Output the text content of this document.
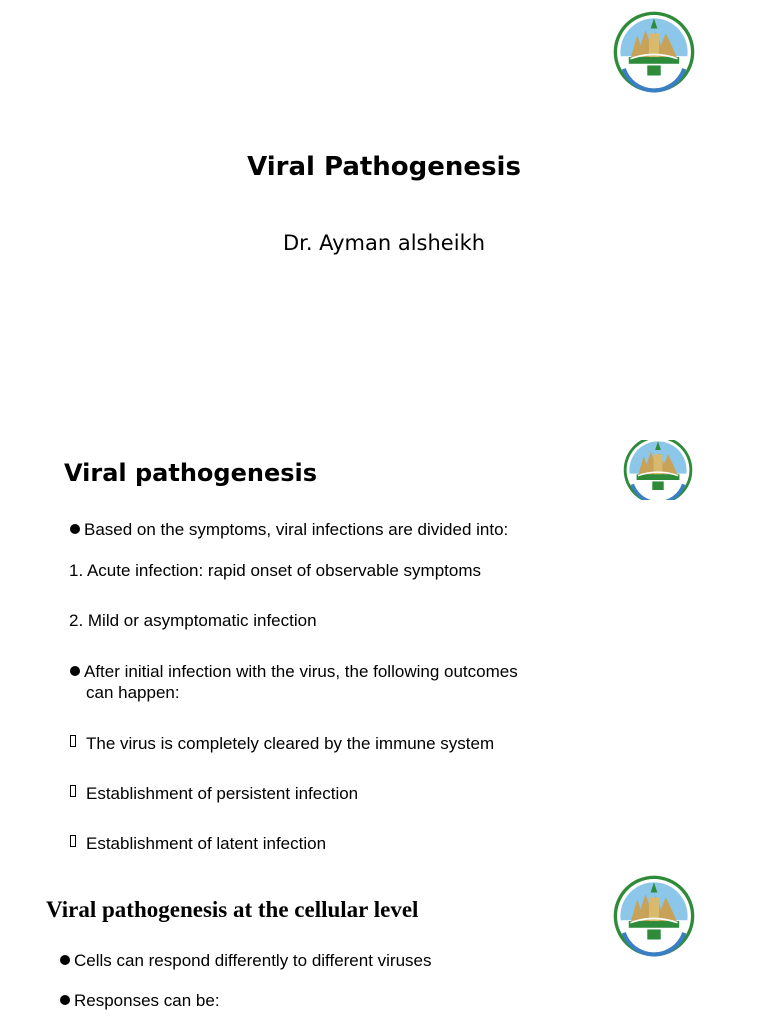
Viral Pathogenesis
Dr. Ayman alsheikh
Viral pathogenesis
Based on the symptoms, viral infections are divided into:
1. Acute infection: rapid onset of observable symptoms
2. Mild or asymptomatic infection
After initial infection with the virus, the following outcomes
can happen:
The virus is completely cleared by the immune system
Establishment of persistent infection
Establishment of latent infection
Viral pathogenesis at the cellular level
Cells can respond differently to different viruses
Responses can be:
